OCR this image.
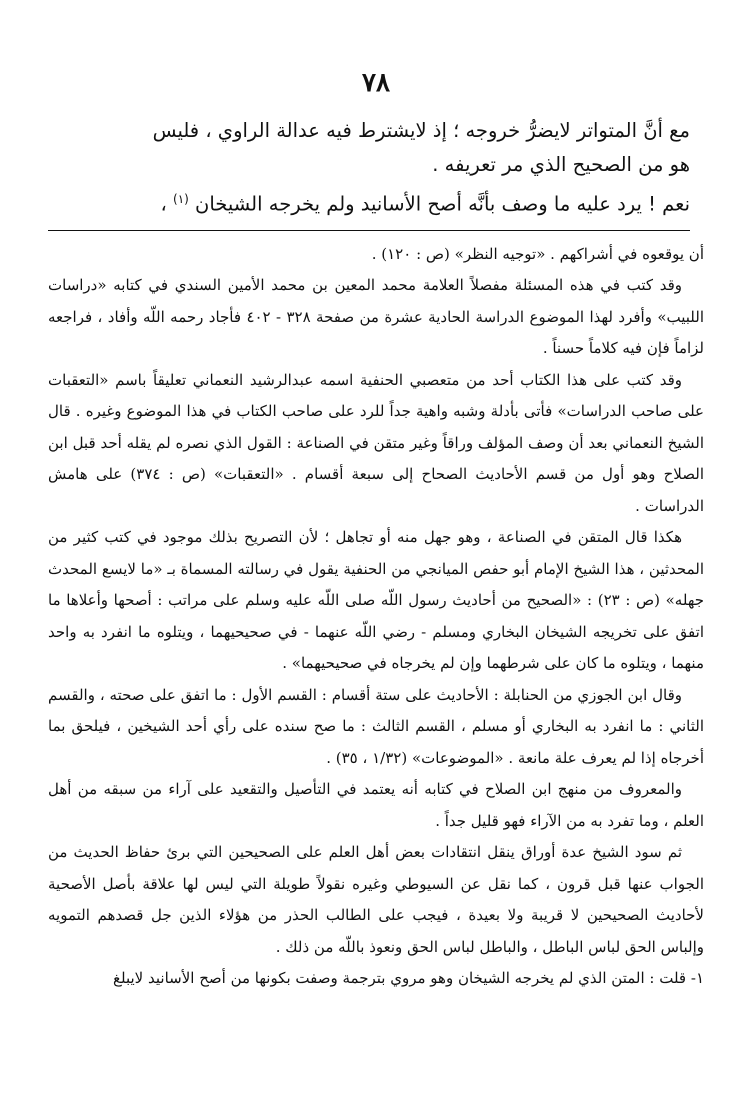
٧٨

مع أنَّ المتواتر لايضرُّ خروجه ؛ إذ لايشترط فيه عدالة الراوي ، فليس

هو من الصحيح الذي مر تعريفه .

نعم ! يرد عليه ما وصف بأنَّه أصح الأسانيد ولم يخرجه الشيخان $^{(١)}$ ،

أن يوقعوه في أشراكهم . «توجيه النظر» (ص : ١٢٠) .

وقد كتب في هذه المسئلة مفصلاً العلامة محمد المعين بن محمد الأمين السندي في كتابه «دراسات اللبيب» وأفرد لهذا الموضوع الدراسة الحادية عشرة من صفحة ٣٢٨ - ٤٠٢ فأجاد رحمه اللّه وأفاد ، فراجعه لزاماً فإن فيه كلاماً حسناً .

وقد كتب على هذا الكتاب أحد من متعصبي الحنفية اسمه عبدالرشيد النعماني تعليقاً باسم «التعقبات على صاحب الدراسات» فأتى بأدلة وشبه واهية جداً للرد على صاحب الكتاب في هذا الموضوع وغيره . قال الشيخ النعماني بعد أن وصف المؤلف وراقاً وغير متقن في الصناعة : القول الذي نصره لم يقله أحد قبل ابن الصلاح وهو أول من قسم الأحاديث الصحاح إلى سبعة أقسام . «التعقبات» (ص : ٣٧٤) على هامش الدراسات .

هكذا قال المتقن في الصناعة ، وهو جهل منه أو تجاهل ؛ لأن التصريح بذلك موجود في كتب كثير من المحدثين ، هذا الشيخ الإمام أبو حفص الميانجي من الحنفية يقول في رسالته المسماة بـ «ما لايسع المحدث جهله» (ص : ٢٣) : «الصحيح من أحاديث رسول اللّه صلى اللّه عليه وسلم على مراتب : أصحها وأعلاها ما اتفق على تخريجه الشيخان البخاري ومسلم - رضي اللّه عنهما - في صحيحيهما ، ويتلوه ما انفرد به واحد منهما ، ويتلوه ما كان على شرطهما وإن لم يخرجاه في صحيحيهما» .

وقال ابن الجوزي من الحنابلة : الأحاديث على ستة أقسام : القسم الأول : ما اتفق على صحته ، والقسم الثاني : ما انفرد به البخاري أو مسلم ، القسم الثالث : ما صح سنده على رأي أحد الشيخين ، فيلحق بما أخرجاه إذا لم يعرف علة مانعة . «الموضوعات» (١/٣٢ ، ٣٥) .

والمعروف من منهج ابن الصلاح في كتابه أنه يعتمد في التأصيل والتقعيد على آراء من سبقه من أهل العلم ، وما تفرد به من الآراء فهو قليل جداً .

ثم سود الشيخ عدة أوراق ينقل انتقادات بعض أهل العلم على الصحيحين التي برئ حفاظ الحديث من الجواب عنها قبل قرون ، كما نقل عن السيوطي وغيره نقولاً طويلة التي ليس لها علاقة بأصل الأصحية لأحاديث الصحيحين لا قريبة ولا بعيدة ، فيجب على الطالب الحذر من هؤلاء الذين جل قصدهم التمويه وإلباس الحق لباس الباطل ، والباطل لباس الحق ونعوذ باللّه من ذلك .

١- قلت : المتن الذي لم يخرجه الشيخان وهو مروي بترجمة وصفت بكونها من أصح الأسانيد لايبلغ
